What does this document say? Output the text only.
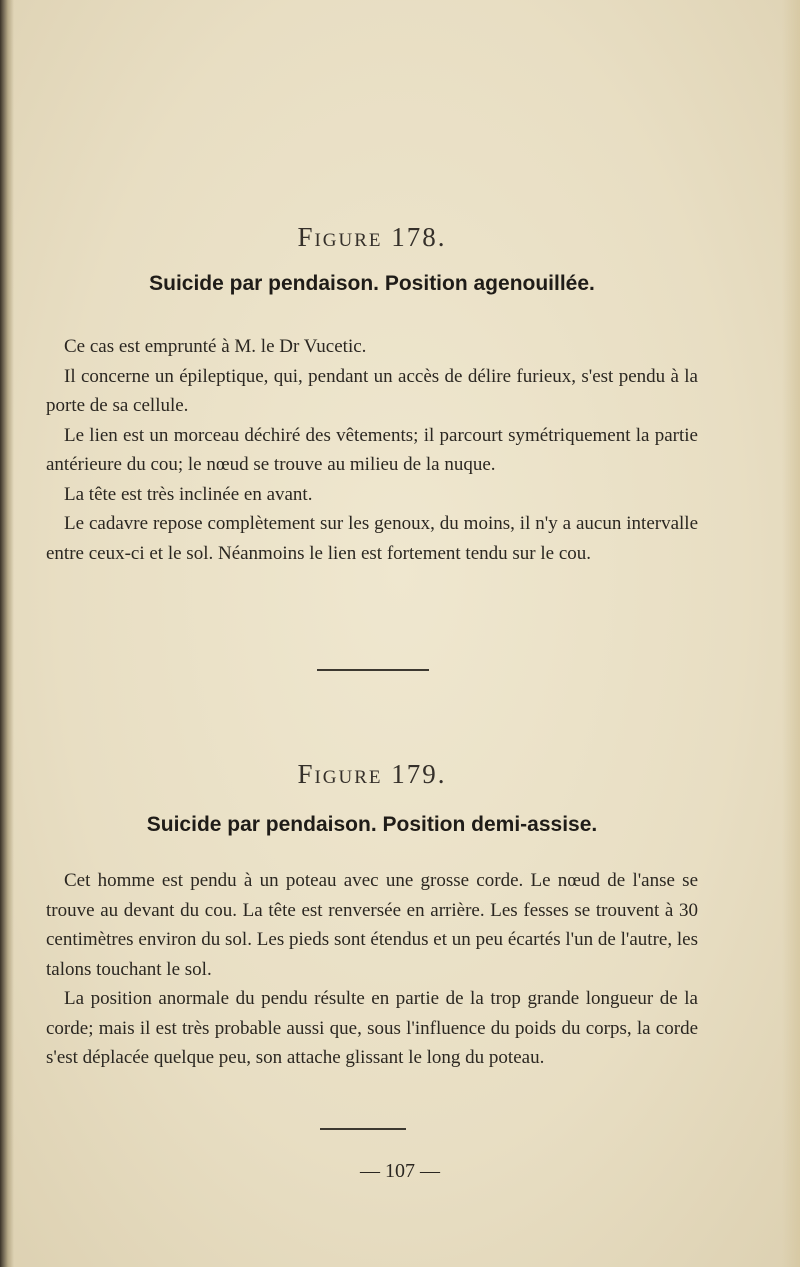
Figure 178.
Suicide par pendaison. Position agenouillée.

Ce cas est emprunté à M. le Dr Vucetic.

Il concerne un épileptique, qui, pendant un accès de délire furieux, s'est pendu à la porte de sa cellule.

Le lien est un morceau déchiré des vêtements; il parcourt symétriquement la partie antérieure du cou; le nœud se trouve au milieu de la nuque.

La tête est très inclinée en avant.

Le cadavre repose complètement sur les genoux, du moins, il n'y a aucun intervalle entre ceux-ci et le sol. Néanmoins le lien est fortement tendu sur le cou.

Figure 179.
Suicide par pendaison. Position demi-assise.

Cet homme est pendu à un poteau avec une grosse corde. Le nœud de l'anse se trouve au devant du cou. La tête est renversée en arrière. Les fesses se trouvent à 30 centimètres environ du sol. Les pieds sont étendus et un peu écartés l'un de l'autre, les talons touchant le sol.

La position anormale du pendu résulte en partie de la trop grande longueur de la corde; mais il est très probable aussi que, sous l'influence du poids du corps, la corde s'est déplacée quelque peu, son attache glissant le long du poteau.

— 107 —
